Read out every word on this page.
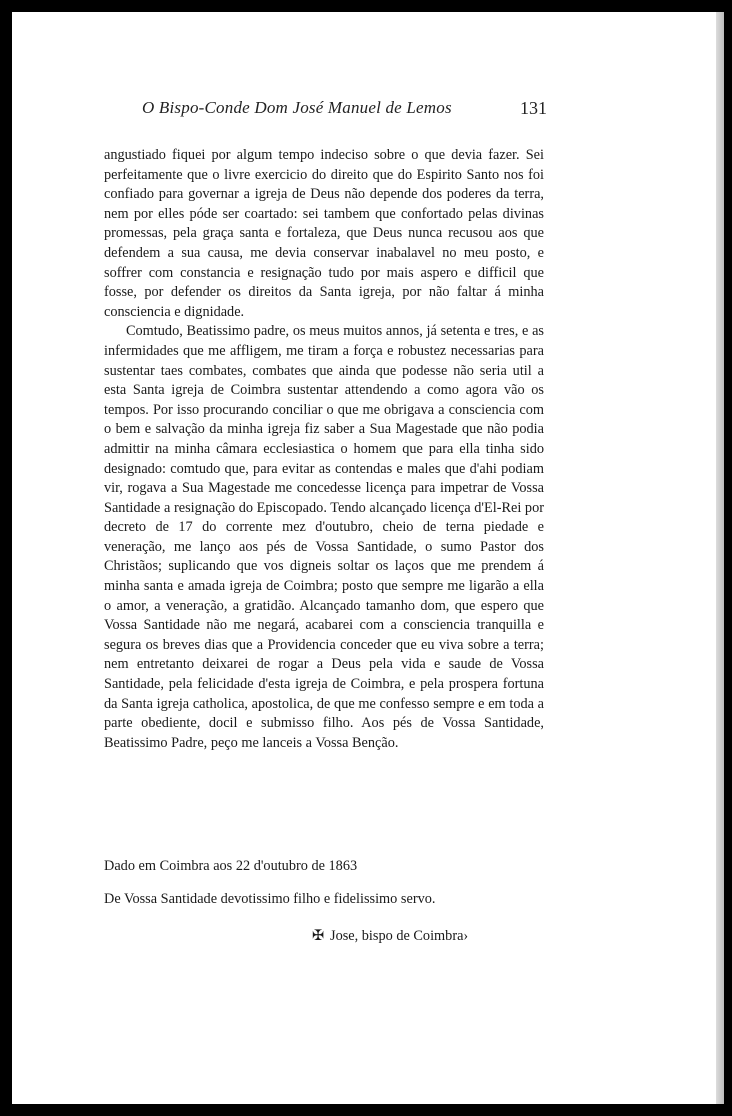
O Bispo-Conde Dom José Manuel de Lemos	131

angustiado fiquei por algum tempo indeciso sobre o que devia fazer. Sei perfeitamente que o livre exercicio do direito que do Espirito Santo nos foi confiado para governar a igreja de Deus não depende dos poderes da terra, nem por elles póde ser coartado: sei tambem que confortado pelas divinas promessas, pela graça santa e fortaleza, que Deus nunca recusou aos que defendem a sua causa, me devia conservar inabalavel no meu posto, e soffrer com constancia e resignação tudo por mais aspero e difficil que fosse, por defender os direitos da Santa igreja, por não faltar á minha consciencia e dignidade.

Comtudo, Beatissimo padre, os meus muitos annos, já setenta e tres, e as infermidades que me affligem, me tiram a força e robustez necessarias para sustentar taes combates, combates que ainda que podesse não seria util a esta Santa igreja de Coimbra sustentar attendendo a como agora vão os tempos. Por isso procurando conciliar o que me obrigava a consciencia com o bem e salvação da minha igreja fiz saber a Sua Magestade que não podia admittir na minha câmara ecclesiastica o homem que para ella tinha sido designado: comtudo que, para evitar as contendas e males que d'ahi podiam vir, rogava a Sua Magestade me concedesse licença para impetrar de Vossa Santidade a resignação do Episcopado. Tendo alcançado licença d'El-Rei por decreto de 17 do corrente mez d'outubro, cheio de terna piedade e veneração, me lanço aos pés de Vossa Santidade, o sumo Pastor dos Christãos; suplicando que vos digneis soltar os laços que me prendem á minha santa e amada igreja de Coimbra; posto que sempre me ligarão a ella o amor, a veneração, a gratidão. Alcançado tamanho dom, que espero que Vossa Santidade não me negará, acabarei com a consciencia tranquilla e segura os breves dias que a Providencia conceder que eu viva sobre a terra; nem entretanto deixarei de rogar a Deus pela vida e saude de Vossa Santidade, pela felicidade d'esta igreja de Coimbra, e pela prospera fortuna da Santa igreja catholica, apostolica, de que me confesso sempre e em toda a parte obediente, docil e submisso filho. Aos pés de Vossa Santidade, Beatissimo Padre, peço me lanceis a Vossa Benção.

Dado em Coimbra aos 22 d'outubro de 1863
De Vossa Santidade devotissimo filho e fidelissimo servo.
✠ Jose, bispo de Coimbra›
